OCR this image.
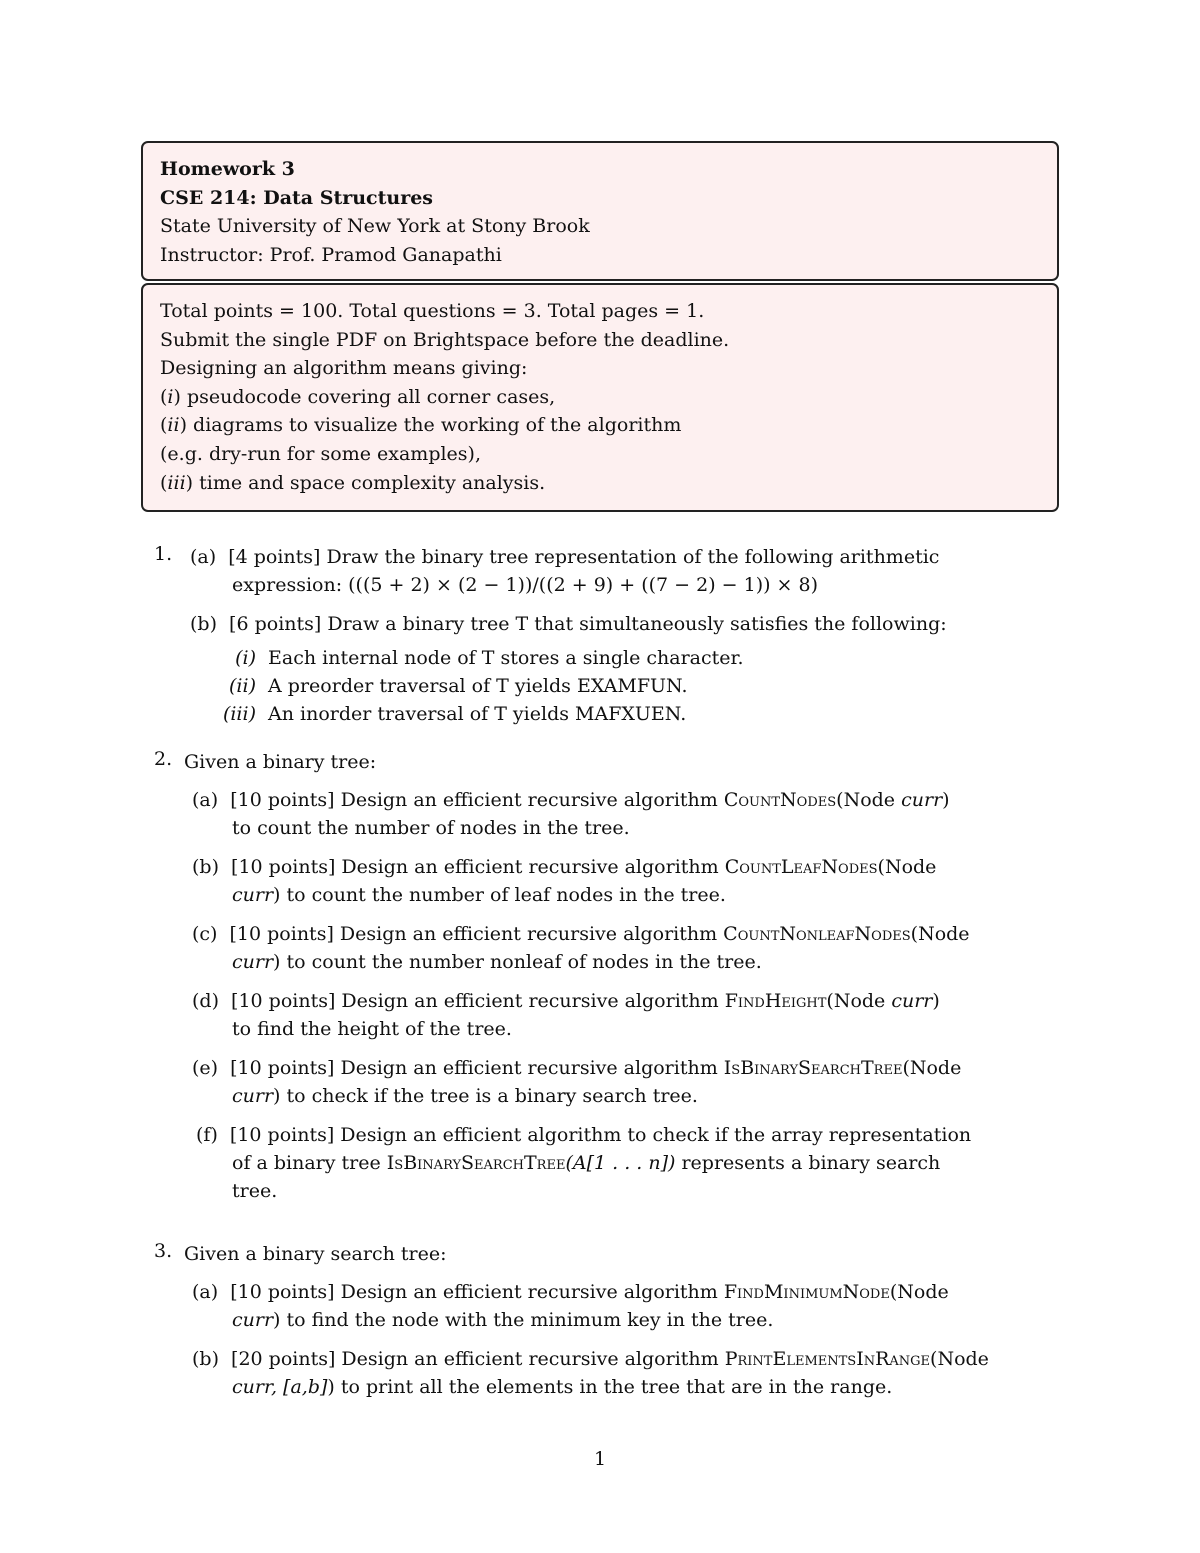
Homework 3
CSE 214: Data Structures
State University of New York at Stony Brook
Instructor: Prof. Pramod Ganapathi
Total points = 100. Total questions = 3. Total pages = 1.
Submit the single PDF on Brightspace before the deadline.
Designing an algorithm means giving:
(i) pseudocode covering all corner cases,
(ii) diagrams to visualize the working of the algorithm
(e.g. dry-run for some examples),
(iii) time and space complexity analysis.
1. (a) [4 points] Draw the binary tree representation of the following arithmetic
expression: (((5 + 2) × (2 − 1))/((2 + 9) + ((7 − 2) − 1)) × 8)
(b) [6 points] Draw a binary tree T that simultaneously satisfies the following:
(i) Each internal node of T stores a single character.
(ii) A preorder traversal of T yields EXAMFUN.
(iii) An inorder traversal of T yields MAFXUEN.
2. Given a binary tree:
(a) [10 points] Design an efficient recursive algorithm CountNodes(Node curr)
to count the number of nodes in the tree.
(b) [10 points] Design an efficient recursive algorithm CountLeafNodes(Node
curr) to count the number of leaf nodes in the tree.
(c) [10 points] Design an efficient recursive algorithm CountNonleafNodes(Node
curr) to count the number nonleaf of nodes in the tree.
(d) [10 points] Design an efficient recursive algorithm FindHeight(Node curr)
to find the height of the tree.
(e) [10 points] Design an efficient recursive algorithm IsBinarySearchTree(Node
curr) to check if the tree is a binary search tree.
(f) [10 points] Design an efficient algorithm to check if the array representation
of a binary tree IsBinarySearchTree(A[1 . . . n]) represents a binary search
tree.
3. Given a binary search tree:
(a) [10 points] Design an efficient recursive algorithm FindMinimumNode(Node
curr) to find the node with the minimum key in the tree.
(b) [20 points] Design an efficient recursive algorithm PrintElementsInRange(Node
curr, [a,b]) to print all the elements in the tree that are in the range.
1
